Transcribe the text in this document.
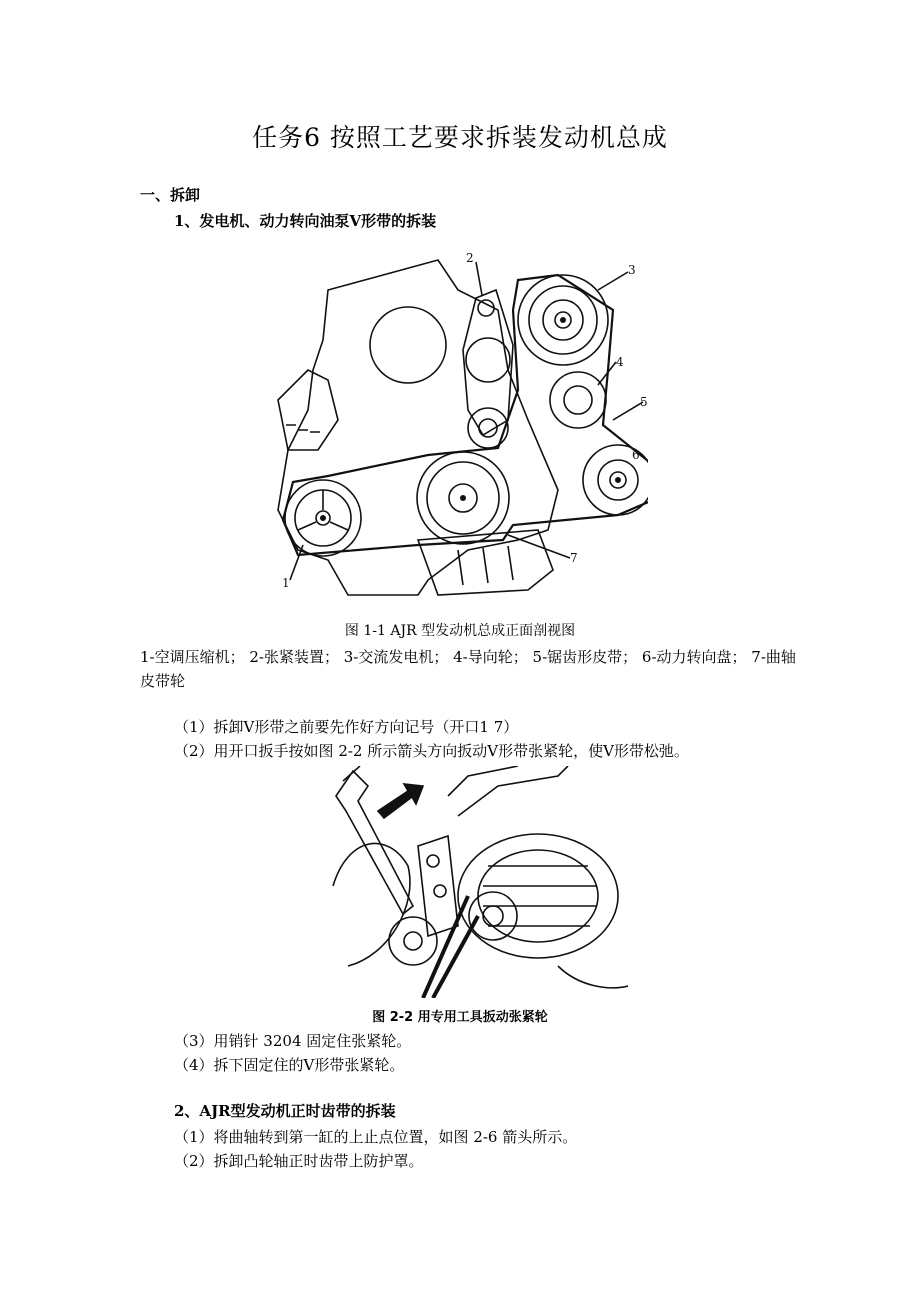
任务6 按照工艺要求拆装发动机总成
一、拆卸
1、发电机、动力转向油泵V形带的拆装
2
3
4
5
6
7
1
图 1-1 AJR 型发动机总成正面剖视图
1-空调压缩机； 2-张紧装置； 3-交流发电机； 4-导向轮； 5-锯齿形皮带； 6-动力转向盘； 7-曲轴皮带轮
（1）拆卸V形带之前要先作好方向记号（开口1 7）
（2）用开口扳手按如图 2-2 所示箭头方向扳动V形带张紧轮，使V形带松弛。
图 2-2 用专用工具扳动张紧轮
（3）用销针 3204 固定住张紧轮。
（4）拆下固定住的V形带张紧轮。
2、AJR型发动机正时齿带的拆装
（1）将曲轴转到第一缸的上止点位置，如图 2-6 箭头所示。
（2）拆卸凸轮轴正时齿带上防护罩。
